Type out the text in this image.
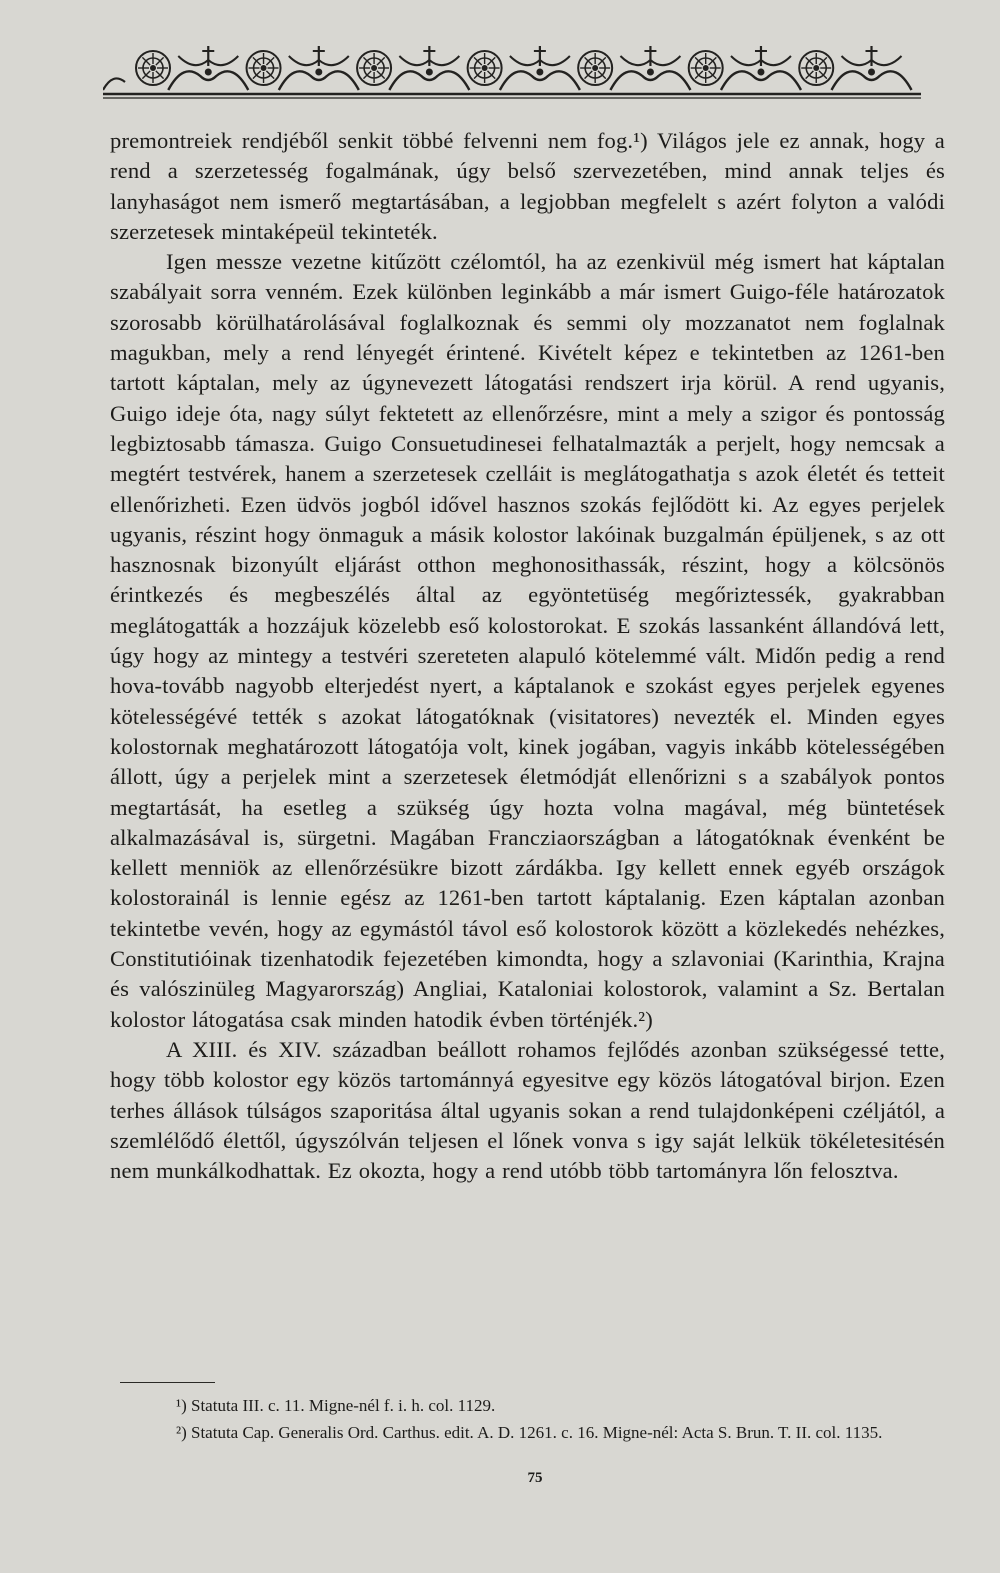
premontreiek rendjéből senkit többé felvenni nem fog.¹) Világos jele ez annak, hogy a rend a szerzetesség fogalmának, úgy belső szervezetében, mind annak teljes és lanyhaságot nem ismerő megtartásában, a legjobban megfelelt s azért folyton a valódi szerzetesek mintaképeül tekinteték.

Igen messze vezetne kitűzött czélomtól, ha az ezenkivül még ismert hat káptalan szabályait sorra venném. Ezek különben leginkább a már ismert Guigo-féle határozatok szorosabb körülhatárolásával foglalkoznak és semmi oly mozzanatot nem foglalnak magukban, mely a rend lényegét érintené. Kivételt képez e tekintetben az 1261-ben tartott káptalan, mely az úgynevezett látogatási rendszert irja körül. A rend ugyanis, Guigo ideje óta, nagy súlyt fektetett az ellenőrzésre, mint a mely a szigor és pontosság legbiztosabb támasza. Guigo Consuetudinesei felhatalmazták a perjelt, hogy nemcsak a megtért testvérek, hanem a szerzetesek czelláit is meglátogathatja s azok életét és tetteit ellenőrizheti. Ezen üdvös jogból idővel hasznos szokás fejlődött ki. Az egyes perjelek ugyanis, részint hogy önmaguk a másik kolostor lakóinak buzgalmán épüljenek, s az ott hasznosnak bizonyúlt eljárást otthon meghonosithassák, részint, hogy a kölcsönös érintkezés és megbeszélés által az egyöntetüség megőriztessék, gyakrabban meglátogatták a hozzájuk közelebb eső kolostorokat. E szokás lassanként állandóvá lett, úgy hogy az mintegy a testvéri szereteten alapuló kötelemmé vált. Midőn pedig a rend hova-tovább nagyobb elterjedést nyert, a káptalanok e szokást egyes perjelek egyenes kötelességévé tették s azokat látogatóknak (visitatores) nevezték el. Minden egyes kolostornak meghatározott látogatója volt, kinek jogában, vagyis inkább kötelességében állott, úgy a perjelek mint a szerzetesek életmódját ellenőrizni s a szabályok pontos megtartását, ha esetleg a szükség úgy hozta volna magával, még büntetések alkalmazásával is, sürgetni. Magában Francziaországban a látogatóknak évenként be kellett menniök az ellenőrzésükre bizott zárdákba. Igy kellett ennek egyéb országok kolostorainál is lennie egész az 1261-ben tartott káptalanig. Ezen káptalan azonban tekintetbe vevén, hogy az egymástól távol eső kolostorok között a közlekedés nehézkes, Constitutióinak tizenhatodik fejezetében kimondta, hogy a szlavoniai (Karinthia, Krajna és valószinüleg Magyarország) Angliai, Kataloniai kolostorok, valamint a Sz. Bertalan kolostor látogatása csak minden hatodik évben történjék.²)

A XIII. és XIV. században beállott rohamos fejlődés azonban szükségessé tette, hogy több kolostor egy közös tartománnyá egyesitve egy közös látogatóval birjon. Ezen terhes állások túlságos szaporitása által ugyanis sokan a rend tulajdonképeni czéljától, a szemlélődő élettől, úgyszólván teljesen el lőnek vonva s igy saját lelkük tökéletesitésén nem munkálkodhattak. Ez okozta, hogy a rend utóbb több tartományra lőn felosztva.

¹) Statuta III. c. 11. Migne-nél f. i. h. col. 1129.

²) Statuta Cap. Generalis Ord. Carthus. edit. A. D. 1261. c. 16. Migne-nél: Acta S. Brun. T. II. col. 1135.

75
